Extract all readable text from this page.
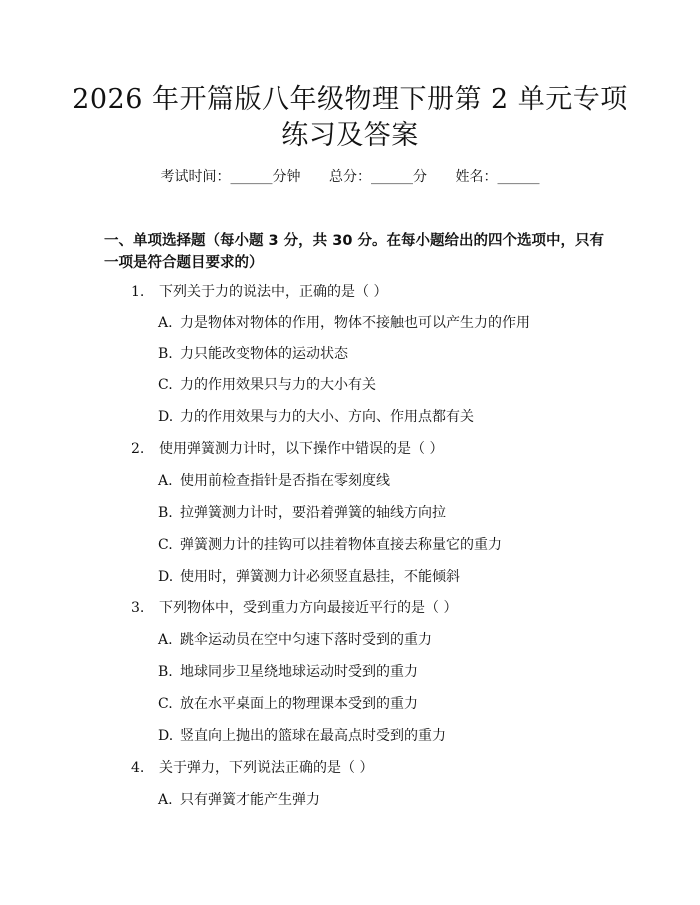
2026 年开篇版八年级物理下册第 2 单元专项
练习及答案
考试时间：______分钟 总分：______分 姓名：______
一、单项选择题（每小题 3 分，共 30 分。在每小题给出的四个选项中，只有一项是符合题目要求的）
1. 下列关于力的说法中，正确的是（ ）
A. 力是物体对物体的作用，物体不接触也可以产生力的作用
B. 力只能改变物体的运动状态
C. 力的作用效果只与力的大小有关
D. 力的作用效果与力的大小、方向、作用点都有关
2. 使用弹簧测力计时，以下操作中错误的是（ ）
A. 使用前检查指针是否指在零刻度线
B. 拉弹簧测力计时，要沿着弹簧的轴线方向拉
C. 弹簧测力计的挂钩可以挂着物体直接去称量它的重力
D. 使用时，弹簧测力计必须竖直悬挂，不能倾斜
3. 下列物体中，受到重力方向最接近平行的是（ ）
A. 跳伞运动员在空中匀速下落时受到的重力
B. 地球同步卫星绕地球运动时受到的重力
C. 放在水平桌面上的物理课本受到的重力
D. 竖直向上抛出的篮球在最高点时受到的重力
4. 关于弹力，下列说法正确的是（ ）
A. 只有弹簧才能产生弹力
